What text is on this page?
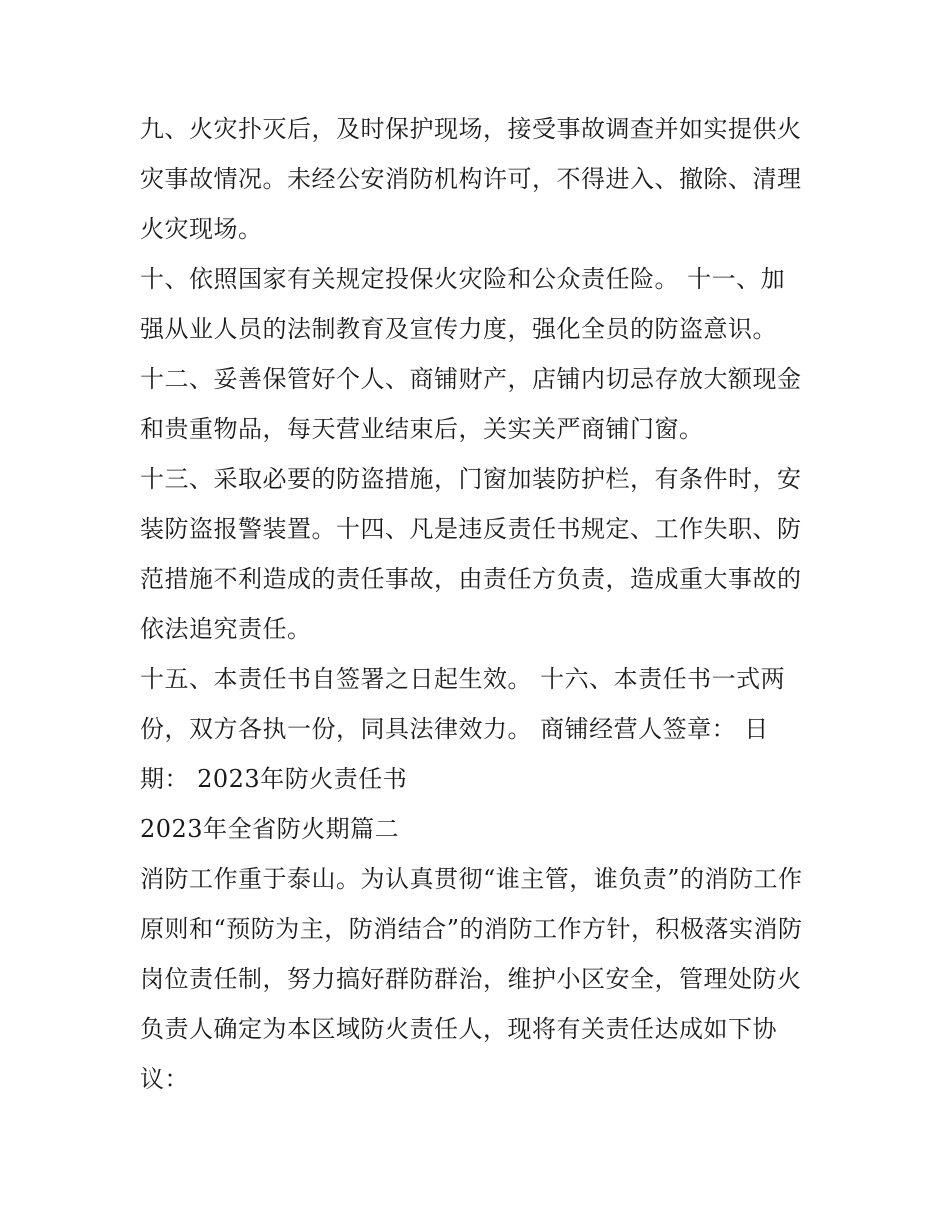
九、火灾扑灭后，及时保护现场，接受事故调查并如实提供火
灾事故情况。未经公安消防机构许可，不得进入、撤除、清理
火灾现场。
十、依照国家有关规定投保火灾险和公众责任险。 十一、加
强从业人员的法制教育及宣传力度，强化全员的防盗意识。
十二、妥善保管好个人、商铺财产，店铺内切忌存放大额现金
和贵重物品，每天营业结束后，关实关严商铺门窗。
十三、采取必要的防盗措施，门窗加装防护栏，有条件时，安
装防盗报警装置。十四、凡是违反责任书规定、工作失职、防
范措施不利造成的责任事故，由责任方负责，造成重大事故的
依法追究责任。
十五、本责任书自签署之日起生效。 十六、本责任书一式两
份，双方各执一份，同具法律效力。 商铺经营人签章： 日
期： 2023年防火责任书
2023年全省防火期篇二
消防工作重于泰山。为认真贯彻“谁主管，谁负责”的消防工作
原则和“预防为主，防消结合”的消防工作方针，积极落实消防
岗位责任制，努力搞好群防群治，维护小区安全，管理处防火
负责人确定为本区域防火责任人，现将有关责任达成如下协
议：
